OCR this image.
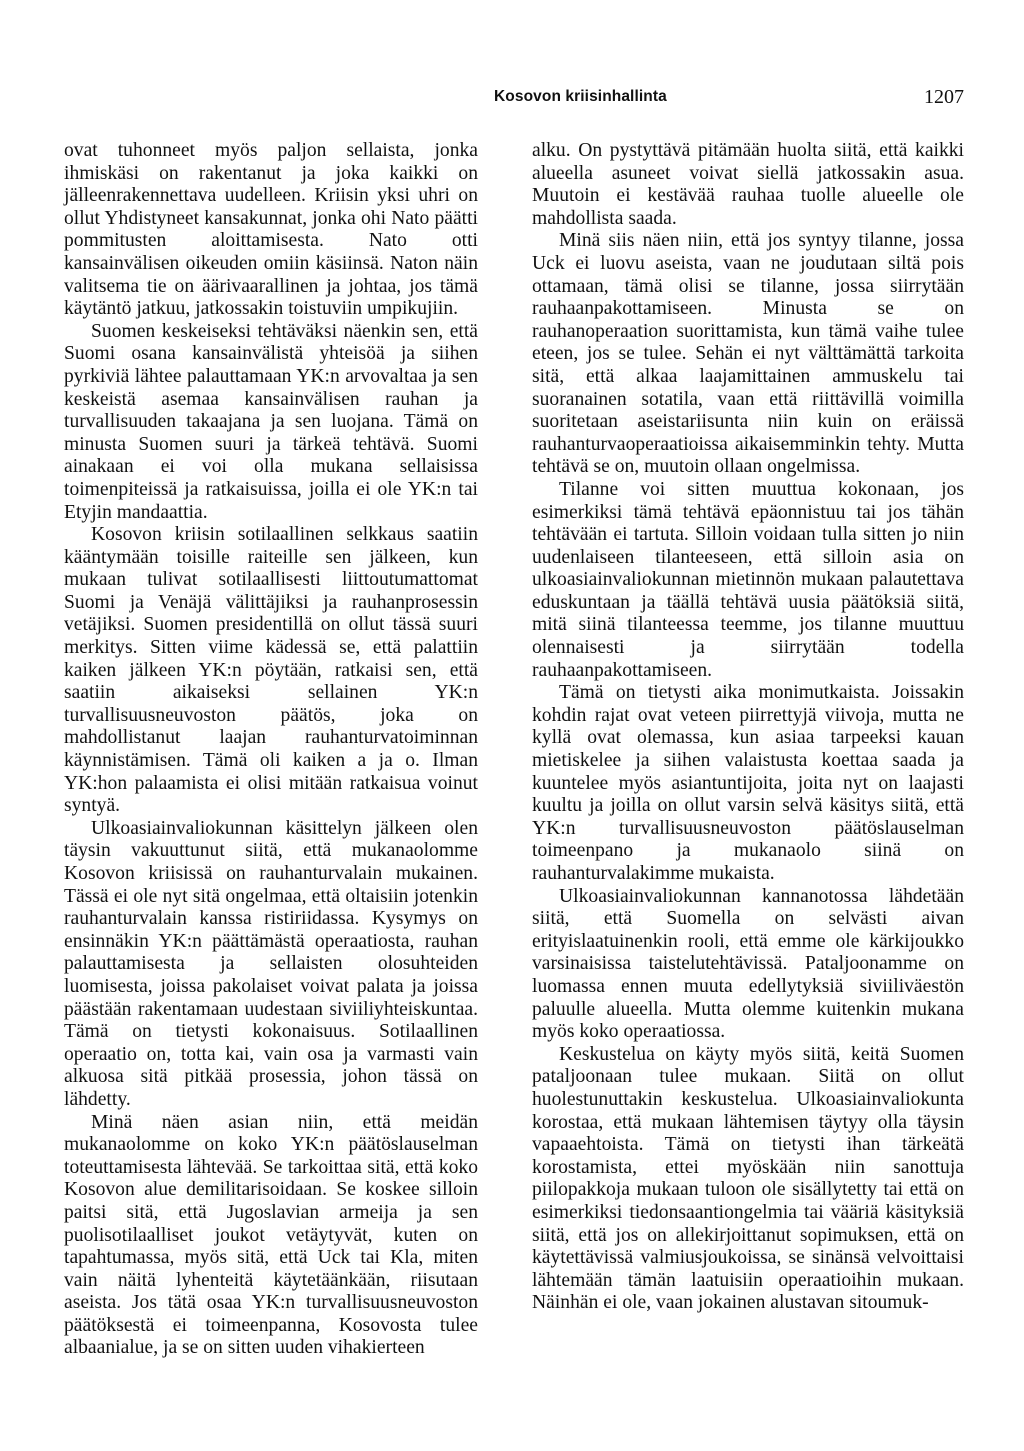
Kosovon kriisinhallinta	1207

ovat tuhonneet myös paljon sellaista, jonka ihmiskäsi on rakentanut ja joka kaikki on jälleenrakennettava uudelleen. Kriisin yksi uhri on ollut Yhdistyneet kansakunnat, jonka ohi Nato päätti pommitusten aloittamisesta. Nato otti kansainvälisen oikeuden omiin käsiinsä. Naton näin valitsema tie on äärivaarallinen ja johtaa, jos tämä käytäntö jatkuu, jatkossakin toistuviin umpikujiin.

Suomen keskeiseksi tehtäväksi näenkin sen, että Suomi osana kansainvälistä yhteisöä ja siihen pyrkiviä lähtee palauttamaan YK:n arvovaltaa ja sen keskeistä asemaa kansainvälisen rauhan ja turvallisuuden takaajana ja sen luojana. Tämä on minusta Suomen suuri ja tärkeä tehtävä. Suomi ainakaan ei voi olla mukana sellaisissa toimenpiteissä ja ratkaisuissa, joilla ei ole YK:n tai Etyjin mandaattia.

Kosovon kriisin sotilaallinen selkkaus saatiin kääntymään toisille raiteille sen jälkeen, kun mukaan tulivat sotilaallisesti liittoutumattomat Suomi ja Venäjä välittäjiksi ja rauhanprosessin vetäjiksi. Suomen presidentillä on ollut tässä suuri merkitys. Sitten viime kädessä se, että palattiin kaiken jälkeen YK:n pöytään, ratkaisi sen, että saatiin aikaiseksi sellainen YK:n turvallisuusneuvoston päätös, joka on mahdollistanut laajan rauhanturvatoiminnan käynnistämisen. Tämä oli kaiken a ja o. Ilman YK:hon palaamista ei olisi mitään ratkaisua voinut syntyä.

Ulkoasiainvaliokunnan käsittelyn jälkeen olen täysin vakuuttunut siitä, että mukanaolomme Kosovon kriisissä on rauhanturvalain mukainen. Tässä ei ole nyt sitä ongelmaa, että oltaisiin jotenkin rauhanturvalain kanssa ristiriidassa. Kysymys on ensinnäkin YK:n päättämästä operaatiosta, rauhan palauttamisesta ja sellaisten olosuhteiden luomisesta, joissa pakolaiset voivat palata ja joissa päästään rakentamaan uudestaan siviiliyhteiskuntaa. Tämä on tietysti kokonaisuus. Sotilaallinen operaatio on, totta kai, vain osa ja varmasti vain alkuosa sitä pitkää prosessia, johon tässä on lähdetty.

Minä näen asian niin, että meidän mukanaolomme on koko YK:n päätöslauselman toteuttamisesta lähtevää. Se tarkoittaa sitä, että koko Kosovon alue demilitarisoidaan. Se koskee silloin paitsi sitä, että Jugoslavian armeija ja sen puolisotilaalliset joukot vetäytyvät, kuten on tapahtumassa, myös sitä, että Uck tai Kla, miten vain näitä lyhenteitä käytetäänkään, riisutaan aseista. Jos tätä osaa YK:n turvallisuusneuvoston päätöksestä ei toimeenpanna, Kosovosta tulee albaanialue, ja se on sitten uuden vihakierteen

alku. On pystyttävä pitämään huolta siitä, että kaikki alueella asuneet voivat siellä jatkossakin asua. Muutoin ei kestävää rauhaa tuolle alueelle ole mahdollista saada.

Minä siis näen niin, että jos syntyy tilanne, jossa Uck ei luovu aseista, vaan ne joudutaan siltä pois ottamaan, tämä olisi se tilanne, jossa siirrytään rauhaanpakottamiseen. Minusta se on rauhanoperaation suorittamista, kun tämä vaihe tulee eteen, jos se tulee. Sehän ei nyt välttämättä tarkoita sitä, että alkaa laajamittainen ammuskelu tai suoranainen sotatila, vaan että riittävillä voimilla suoritetaan aseistariisunta niin kuin on eräissä rauhanturvaoperaatioissa aikaisemminkin tehty. Mutta tehtävä se on, muutoin ollaan ongelmissa.

Tilanne voi sitten muuttua kokonaan, jos esimerkiksi tämä tehtävä epäonnistuu tai jos tähän tehtävään ei tartuta. Silloin voidaan tulla sitten jo niin uudenlaiseen tilanteeseen, että silloin asia on ulkoasiainvaliokunnan mietinnön mukaan palautettava eduskuntaan ja täällä tehtävä uusia päätöksiä siitä, mitä siinä tilanteessa teemme, jos tilanne muuttuu olennaisesti ja siirrytään todella rauhaanpakottamiseen.

Tämä on tietysti aika monimutkaista. Joissakin kohdin rajat ovat veteen piirrettyjä viivoja, mutta ne kyllä ovat olemassa, kun asiaa tarpeeksi kauan mietiskelee ja siihen valaistusta koettaa saada ja kuuntelee myös asiantuntijoita, joita nyt on laajasti kuultu ja joilla on ollut varsin selvä käsitys siitä, että YK:n turvallisuusneuvoston päätöslauselman toimeenpano ja mukanaolo siinä on rauhanturvalakimme mukaista.

Ulkoasiainvaliokunnan kannanotossa lähdetään siitä, että Suomella on selvästi aivan erityislaatuinenkin rooli, että emme ole kärkijoukko varsinaisissa taistelutehtävissä. Pataljoonamme on luomassa ennen muuta edellytyksiä siviiliväestön paluulle alueella. Mutta olemme kuitenkin mukana myös koko operaatiossa.

Keskustelua on käyty myös siitä, keitä Suomen pataljoonaan tulee mukaan. Siitä on ollut huolestunuttakin keskustelua. Ulkoasiainvaliokunta korostaa, että mukaan lähtemisen täytyy olla täysin vapaaehtoista. Tämä on tietysti ihan tärkeätä korostamista, ettei myöskään niin sanottuja piilopakkoja mukaan tuloon ole sisällytetty tai että on esimerkiksi tiedonsaantiongelmia tai vääriä käsityksiä siitä, että jos on allekirjoittanut sopimuksen, että on käytettävissä valmiusjoukoissa, se sinänsä velvoittaisi lähtemään tämän laatuisiin operaatioihin mukaan. Näinhän ei ole, vaan jokainen alustavan sitoumuk-
